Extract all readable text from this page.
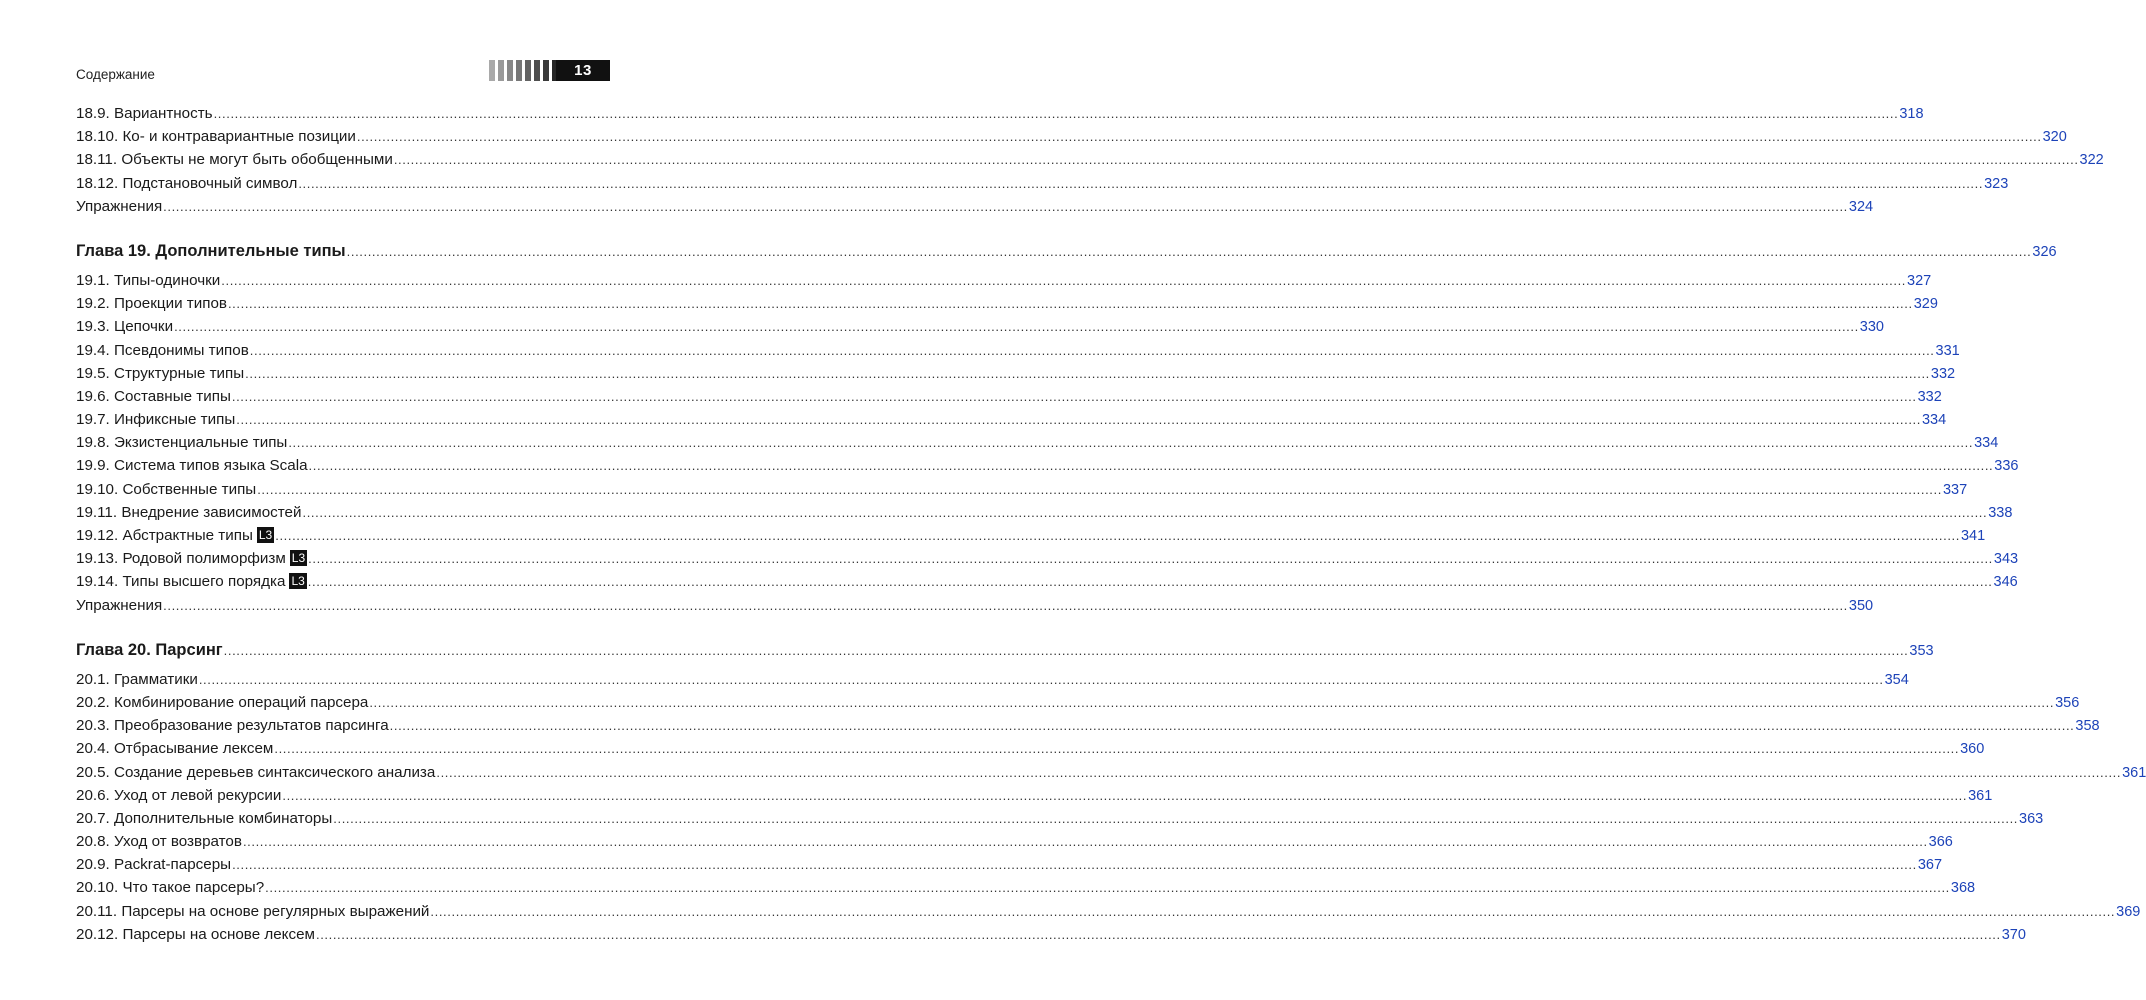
Содержание	13
18.9. Вариантность ................................................................................................................................................................................................................................................................................................................................................................................................................ 318
18.10. Ко- и контравариантные позиции ................................................................................................................................................................................................................................................................................................................................................................................................................ 320
18.11. Объекты не могут быть обобщенными ................................................................................................................................................................................................................................................................................................................................................................................................................ 322
18.12. Подстановочный символ ................................................................................................................................................................................................................................................................................................................................................................................................................ 323
Упражнения ................................................................................................................................................................................................................................................................................................................................................................................................................ 324
Глава 19. Дополнительные типы ................................................................................................................................................................................................................................................................................................................................................................................................................ 326
19.1. Типы-одиночки ................................................................................................................................................................................................................................................................................................................................................................................................................ 327
19.2. Проекции типов ................................................................................................................................................................................................................................................................................................................................................................................................................ 329
19.3. Цепочки ................................................................................................................................................................................................................................................................................................................................................................................................................ 330
19.4. Псевдонимы типов ................................................................................................................................................................................................................................................................................................................................................................................................................ 331
19.5. Структурные типы ................................................................................................................................................................................................................................................................................................................................................................................................................ 332
19.6. Составные типы ................................................................................................................................................................................................................................................................................................................................................................................................................ 332
19.7. Инфиксные типы ................................................................................................................................................................................................................................................................................................................................................................................................................ 334
19.8. Экзистенциальные типы ................................................................................................................................................................................................................................................................................................................................................................................................................ 334
19.9. Система типов языка Scala ................................................................................................................................................................................................................................................................................................................................................................................................................ 336
19.10. Собственные типы ................................................................................................................................................................................................................................................................................................................................................................................................................ 337
19.11. Внедрение зависимостей ................................................................................................................................................................................................................................................................................................................................................................................................................ 338
19.12. Абстрактные типы L3 ................................................................................................................................................................................................................................................................................................................................................................................................................ 341
19.13. Родовой полиморфизм L3 ................................................................................................................................................................................................................................................................................................................................................................................................................ 343
19.14. Типы высшего порядка L3 ................................................................................................................................................................................................................................................................................................................................................................................................................ 346
Упражнения ................................................................................................................................................................................................................................................................................................................................................................................................................ 350
Глава 20. Парсинг ................................................................................................................................................................................................................................................................................................................................................................................................................ 353
20.1. Грамматики ................................................................................................................................................................................................................................................................................................................................................................................................................ 354
20.2. Комбинирование операций парсера ................................................................................................................................................................................................................................................................................................................................................................................................................ 356
20.3. Преобразование результатов парсинга ................................................................................................................................................................................................................................................................................................................................................................................................................ 358
20.4. Отбрасывание лексем ................................................................................................................................................................................................................................................................................................................................................................................................................ 360
20.5. Создание деревьев синтаксического анализа ................................................................................................................................................................................................................................................................................................................................................................................................................ 361
20.6. Уход от левой рекурсии ................................................................................................................................................................................................................................................................................................................................................................................................................ 361
20.7. Дополнительные комбинаторы ................................................................................................................................................................................................................................................................................................................................................................................................................ 363
20.8. Уход от возвратов ................................................................................................................................................................................................................................................................................................................................................................................................................ 366
20.9. Packrat-парсеры ................................................................................................................................................................................................................................................................................................................................................................................................................ 367
20.10. Что такое парсеры? ................................................................................................................................................................................................................................................................................................................................................................................................................ 368
20.11. Парсеры на основе регулярных выражений ................................................................................................................................................................................................................................................................................................................................................................................................................ 369
20.12. Парсеры на основе лексем ................................................................................................................................................................................................................................................................................................................................................................................................................ 370
